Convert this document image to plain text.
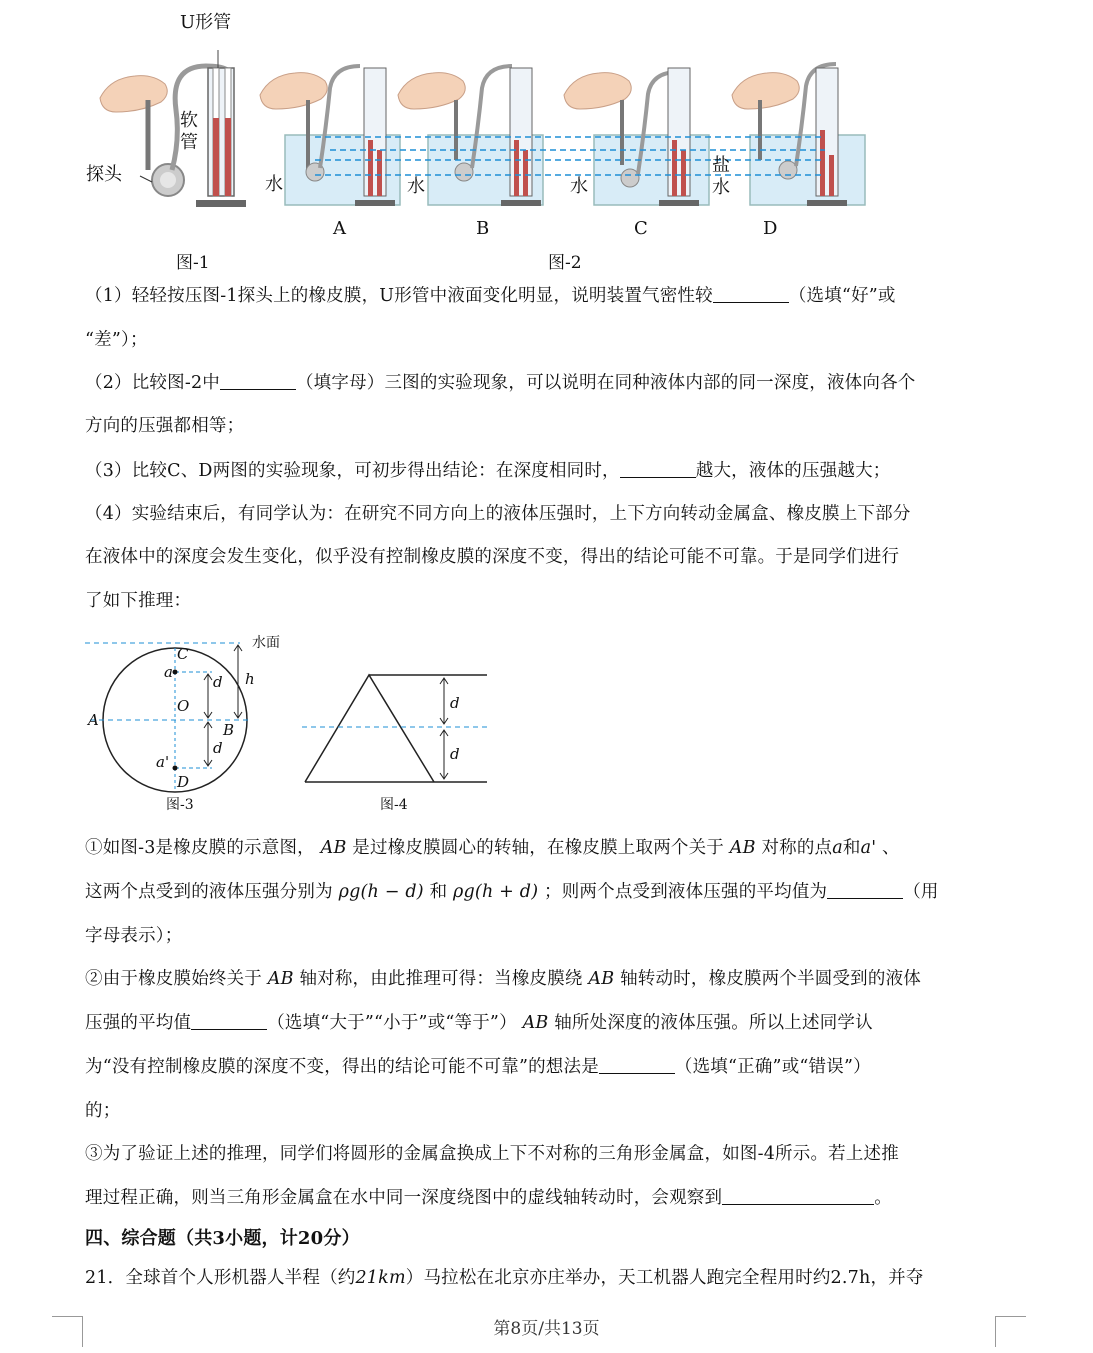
U形管
软管
探头	水	水	水
盐水
A	B	C	D
图-1	图-2
（1）轻轻按压图-1探头上的橡皮膜，U形管中液面变化明显，说明装置气密性较	（选填“好”或
“差”）；
（2）比较图-2中	（填字母）三图的实验现象，可以说明在同种液体内部的同一深度，液体向各个
方向的压强都相等；
（3）比较C、D两图的实验现象，可初步得出结论：在深度相同时，	越大，液体的压强越大；
（4）实验结束后，有同学认为：在研究不同方向上的液体压强时，上下方向转动金属盒、橡皮膜上下部分
在液体中的深度会发生变化，似乎没有控制橡皮膜的深度不变，得出的结论可能不可靠。于是同学们进行
了如下推理：
水面
C
a
d h
O
A
B
d
a'
D
图-3
d
d
图-4
①如图-3是橡皮膜的示意图， AB 是过橡皮膜圆心的转轴，在橡皮膜上取两个关于 AB 对称的点a和a' 、
这两个点受到的液体压强分别为 ρg(h − d) 和 ρg(h + d) ；则两个点受到液体压强的平均值为	（用
字母表示）；
②由于橡皮膜始终关于 AB 轴对称，由此推理可得：当橡皮膜绕 AB 轴转动时，橡皮膜两个半圆受到的液体
压强的平均值	（选填“大于”“小于”或“等于”） AB 轴所处深度的液体压强。所以上述同学认
为“没有控制橡皮膜的深度不变，得出的结论可能不可靠”的想法是	（选填“正确”或“错误”）
的；
③为了验证上述的推理，同学们将圆形的金属盒换成上下不对称的三角形金属盒，如图-4所示。若上述推
理过程正确，则当三角形金属盒在水中同一深度绕图中的虚线轴转动时，会观察到	。
四、综合题（共3小题，计20分）
21．全球首个人形机器人半程（约21km）马拉松在北京亦庄举办，天工机器人跑完全程用时约2.7h，并夺
第8页/共13页
